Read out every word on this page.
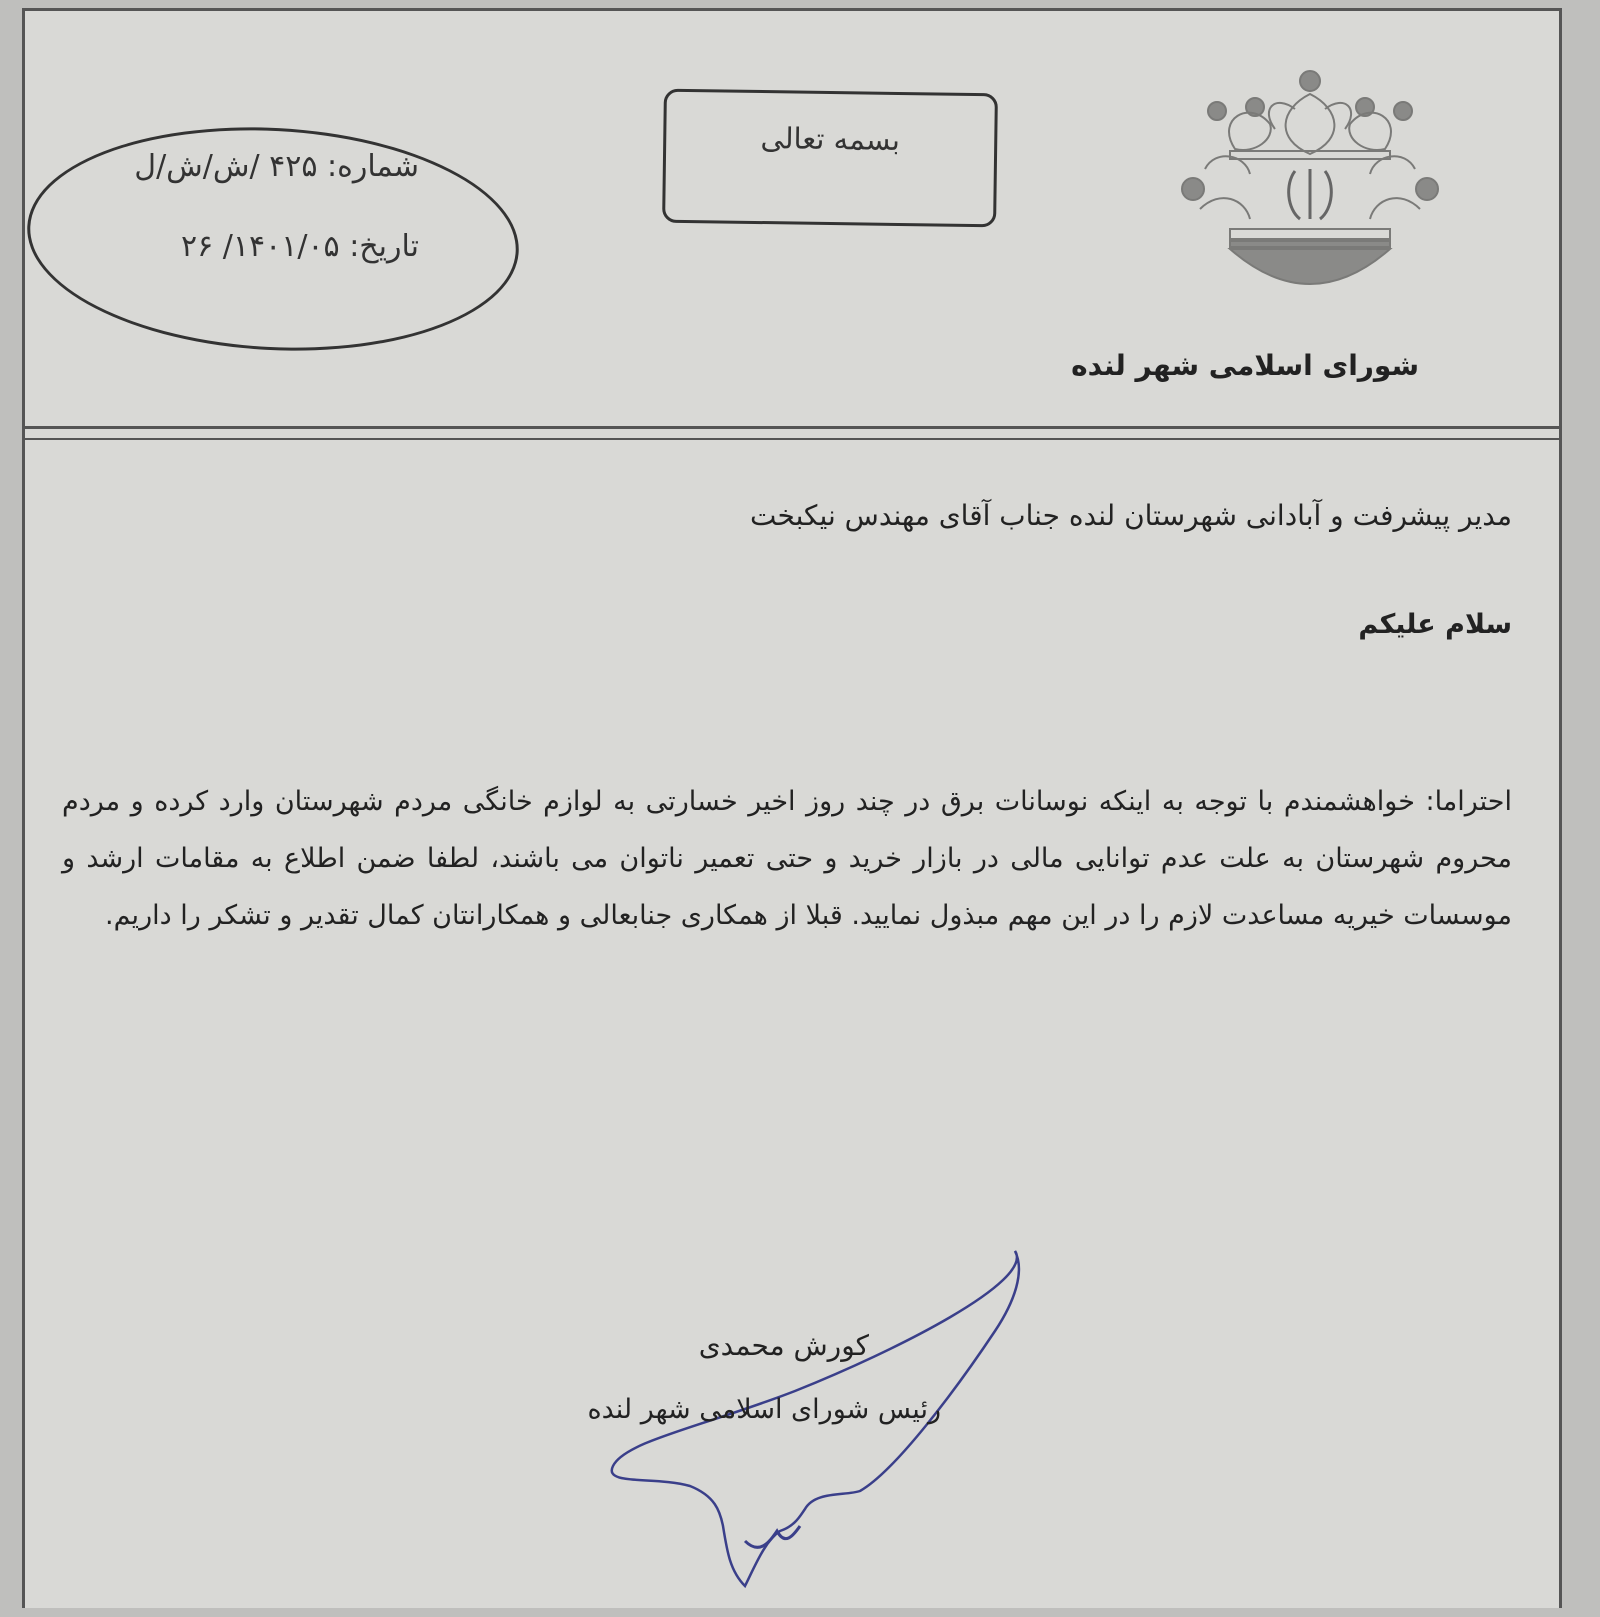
شورای اسلامی شهر لنده
بسمه تعالی
شماره: ۴۲۵ /ش/ش/ل
تاریخ: ۱۴۰۱/۰۵/ ۲۶
مدیر پیشرفت و آبادانی شهرستان لنده جناب آقای مهندس نیکبخت
سلام علیکم
احتراما: خواهشمندم با توجه به اینکه نوسانات برق در چند روز اخیر خسارتی به لوازم خانگی مردم شهرستان وارد کرده و مردم محروم شهرستان به علت عدم توانایی مالی در بازار خرید و حتی تعمیر ناتوان می باشند، لطفا ضمن اطلاع به مقامات ارشد و موسسات خیریه مساعدت لازم را در این مهم مبذول نمایید. قبلا از همکاری جنابعالی و همکارانتان کمال تقدیر و تشکر را داریم.
کورش محمدی
رئیس شورای اسلامی شهر لنده
